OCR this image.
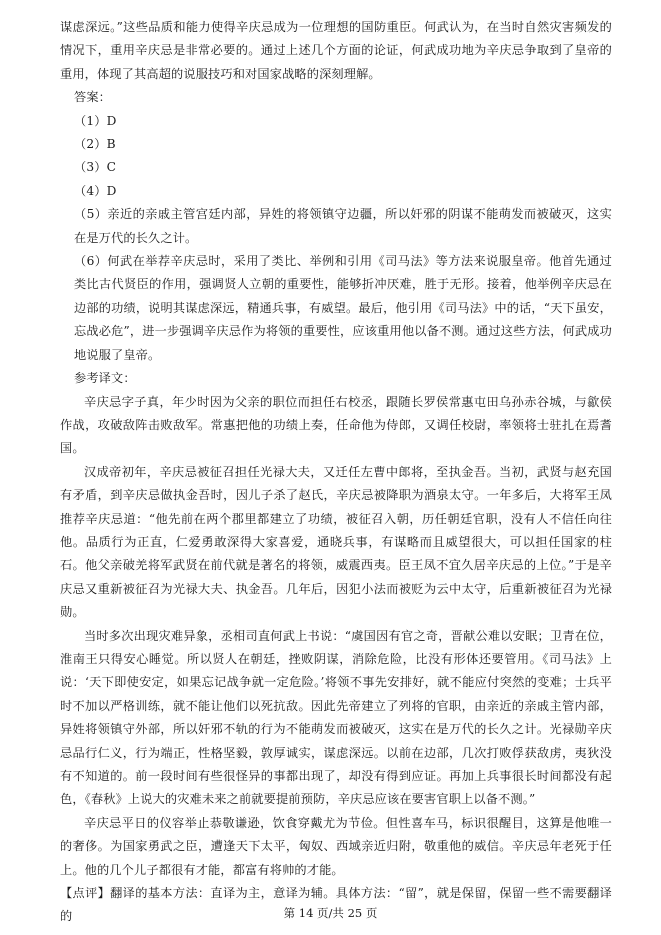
谋虑深远。”这些品质和能力使得辛庆忌成为一位理想的国防重臣。何武认为，在当时自然灾害频发的情况下，重用辛庆忌是非常必要的。通过上述几个方面的论证，何武成功地为辛庆忌争取到了皇帝的重用，体现了其高超的说服技巧和对国家战略的深刻理解。

答案：

（1）D

（2）B

（3）C

（4）D

（5）亲近的亲戚主管宫廷内部，异姓的将领镇守边疆，所以奸邪的阴谋不能萌发而被破灭，这实在是万代的长久之计。

（6）何武在举荐辛庆忌时，采用了类比、举例和引用《司马法》等方法来说服皇帝。他首先通过类比古代贤臣的作用，强调贤人立朝的重要性，能够折冲厌难，胜于无形。接着，他举例辛庆忌在边部的功绩，说明其谋虑深远，精通兵事，有威望。最后，他引用《司马法》中的话，“天下虽安，忘战必危”，进一步强调辛庆忌作为将领的重要性，应该重用他以备不测。通过这些方法，何武成功地说服了皇帝。

参考译文：

辛庆忌字子真，年少时因为父亲的职位而担任右校丞，跟随长罗侯常惠屯田乌孙赤谷城，与歙侯作战，攻破敌阵击败敌军。常惠把他的功绩上奏，任命他为侍郎，又调任校尉，率领将士驻扎在焉耆国。

汉成帝初年，辛庆忌被征召担任光禄大夫，又迁任左曹中郎将，至执金吾。当初，武贤与赵充国有矛盾，到辛庆忌做执金吾时，因儿子杀了赵氏，辛庆忌被降职为酒泉太守。一年多后，大将军王凤推荐辛庆忌道：“他先前在两个郡里都建立了功绩，被征召入朝，历任朝廷官职，没有人不信任向往他。品质行为正直，仁爱勇敢深得大家喜爱，通晓兵事，有谋略而且威望很大，可以担任国家的柱石。他父亲破羌将军武贤在前代就是著名的将领，威震西夷。臣王凤不宜久居辛庆忌的上位。”于是辛庆忌又重新被征召为光禄大夫、执金吾。几年后，因犯小法而被贬为云中太守，后重新被征召为光禄勋。

当时多次出现灾难异象，丞相司直何武上书说：“虞国因有官之奇，晋献公难以安眠；卫青在位，淮南王只得安心睡觉。所以贤人在朝廷，挫败阴谋，消除危险，比没有形体还要管用。《司马法》上说：‘天下即使安定，如果忘记战争就一定危险。’将领不事先安排好，就不能应付突然的变难；士兵平时不加以严格训练，就不能让他们以死抗敌。因此先帝建立了列将的官职，由亲近的亲戚主管内部，异姓将领镇守外部，所以奸邪不轨的行为不能萌发而被破灭，这实在是万代的长久之计。光禄勋辛庆忌品行仁义，行为端正，性格坚毅，敦厚诚实，谋虑深远。以前在边部，几次打败俘获敌虏，夷狄没有不知道的。前一段时间有些很怪异的事都出现了，却没有得到应证。再加上兵事很长时间都没有起色，《春秋》上说大的灾难未来之前就要提前预防，辛庆忌应该在要害官职上以备不测。”

辛庆忌平日的仪容举止恭敬谦逊，饮食穿戴尤为节俭。但性喜车马，标识很醒目，这算是他唯一的奢侈。为国家勇武之臣，遭逢天下太平，匈奴、西域亲近归附，敬重他的威信。辛庆忌年老死于任上。他的几个儿子都很有才能，都富有将帅的才能。

【点评】翻译的基本方法：直译为主，意译为辅。具体方法：“留”，就是保留，保留一些不需要翻译的	第 14 页/共 25 页
